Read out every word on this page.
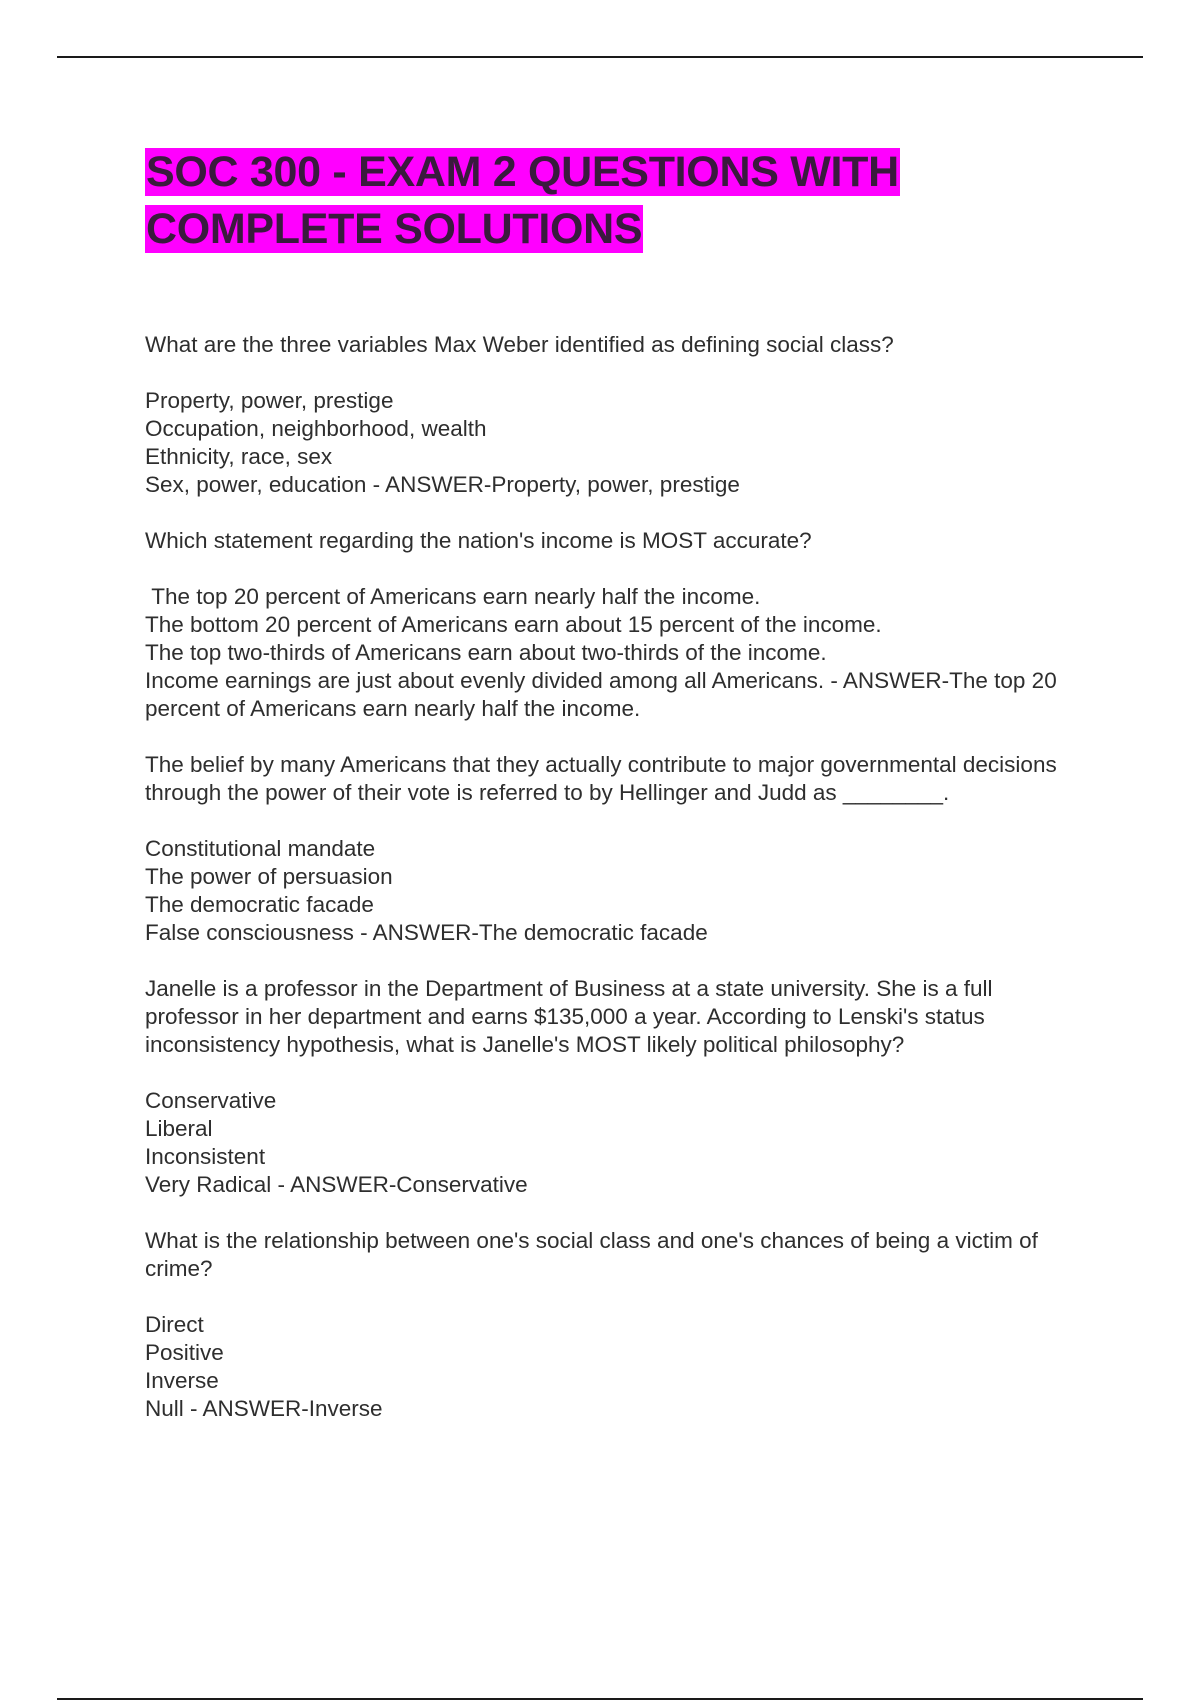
SOC 300 - EXAM 2 QUESTIONS WITH
COMPLETE SOLUTIONS

What are the three variables Max Weber identified as defining social class?

Property, power, prestige
Occupation, neighborhood, wealth
Ethnicity, race, sex
Sex, power, education - ANSWER-Property, power, prestige

Which statement regarding the nation's income is MOST accurate?

The top 20 percent of Americans earn nearly half the income.
The bottom 20 percent of Americans earn about 15 percent of the income.
The top two-thirds of Americans earn about two-thirds of the income.
Income earnings are just about evenly divided among all Americans. - ANSWER-The top 20 percent of Americans earn nearly half the income.

The belief by many Americans that they actually contribute to major governmental decisions through the power of their vote is referred to by Hellinger and Judd as ________.

Constitutional mandate
The power of persuasion
The democratic facade
False consciousness - ANSWER-The democratic facade

Janelle is a professor in the Department of Business at a state university. She is a full professor in her department and earns $135,000 a year. According to Lenski's status inconsistency hypothesis, what is Janelle's MOST likely political philosophy?

Conservative
Liberal
Inconsistent
Very Radical - ANSWER-Conservative

What is the relationship between one's social class and one's chances of being a victim of crime?

Direct
Positive
Inverse
Null - ANSWER-Inverse
